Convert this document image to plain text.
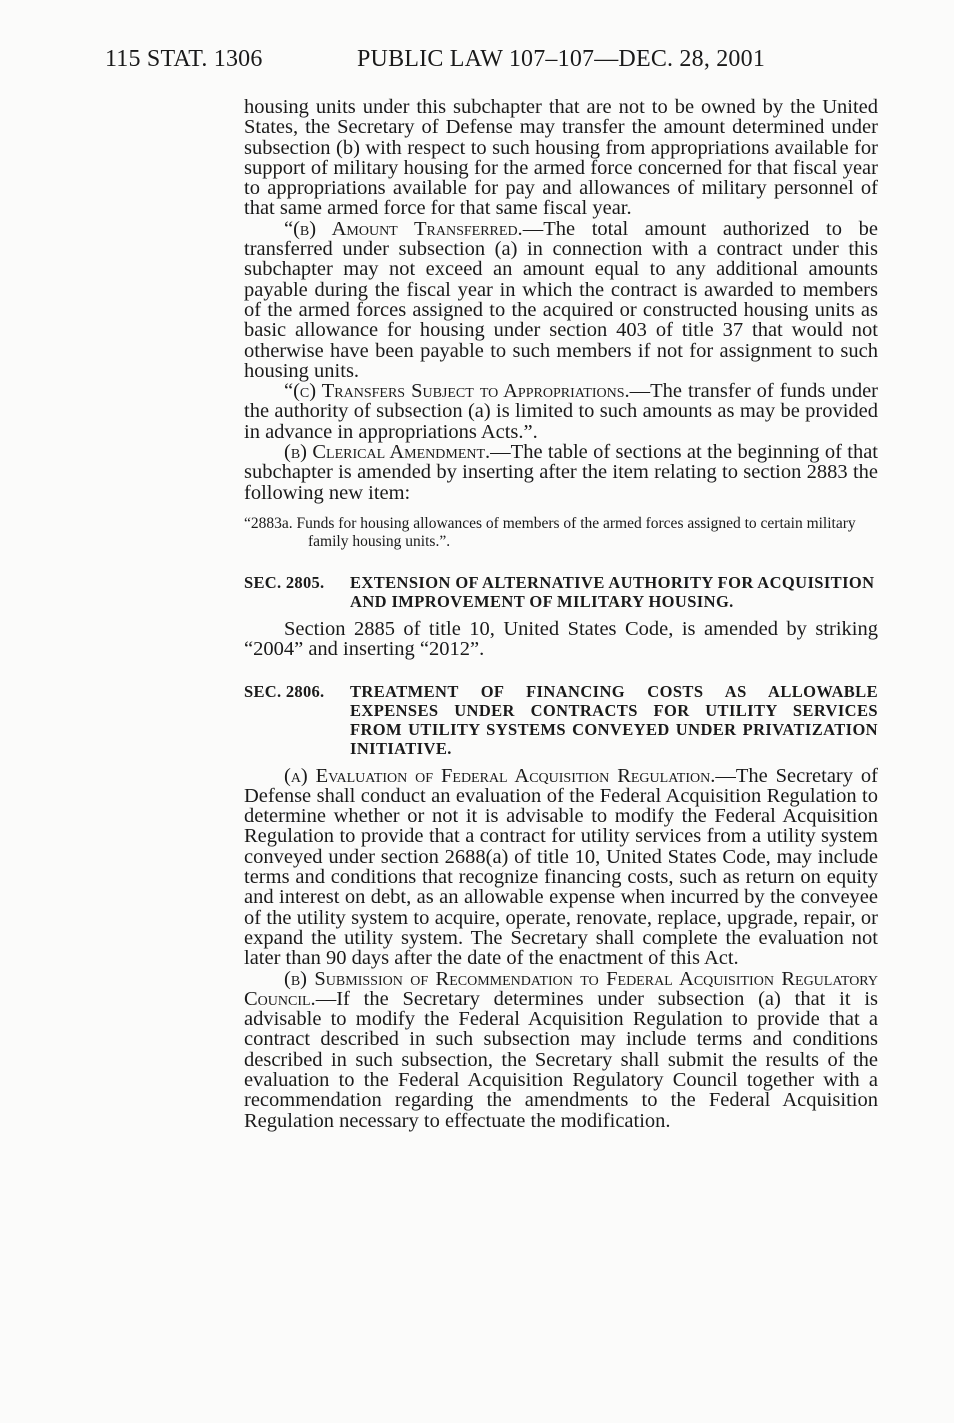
115 STAT. 1306	PUBLIC LAW 107–107—DEC. 28, 2001

housing units under this subchapter that are not to be owned by the United States, the Secretary of Defense may transfer the amount determined under subsection (b) with respect to such housing from appropriations available for support of military housing for the armed force concerned for that fiscal year to appropriations available for pay and allowances of military personnel of that same armed force for that same fiscal year.

“(b) Amount Transferred.—The total amount authorized to be transferred under subsection (a) in connection with a contract under this subchapter may not exceed an amount equal to any additional amounts payable during the fiscal year in which the contract is awarded to members of the armed forces assigned to the acquired or constructed housing units as basic allowance for housing under section 403 of title 37 that would not otherwise have been payable to such members if not for assignment to such housing units.

“(c) Transfers Subject to Appropriations.—The transfer of funds under the authority of subsection (a) is limited to such amounts as may be provided in advance in appropriations Acts.”.

(b) Clerical Amendment.—The table of sections at the beginning of that subchapter is amended by inserting after the item relating to section 2883 the following new item:

“2883a. Funds for housing allowances of members of the armed forces assigned to certain military family housing units.”.

SEC. 2805. EXTENSION OF ALTERNATIVE AUTHORITY FOR ACQUISITION AND IMPROVEMENT OF MILITARY HOUSING.

Section 2885 of title 10, United States Code, is amended by striking “2004” and inserting “2012”.

SEC. 2806.	TREATMENT OF FINANCING COSTS AS ALLOWABLE EXPENSES UNDER CONTRACTS FOR UTILITY SERVICES FROM UTILITY SYSTEMS CONVEYED UNDER PRIVATIZATION INITIATIVE.

(a) Evaluation of Federal Acquisition Regulation.—The Secretary of Defense shall conduct an evaluation of the Federal Acquisition Regulation to determine whether or not it is advisable to modify the Federal Acquisition Regulation to provide that a contract for utility services from a utility system conveyed under section 2688(a) of title 10, United States Code, may include terms and conditions that recognize financing costs, such as return on equity and interest on debt, as an allowable expense when incurred by the conveyee of the utility system to acquire, operate, renovate, replace, upgrade, repair, or expand the utility system. The Secretary shall complete the evaluation not later than 90 days after the date of the enactment of this Act.

(b) Submission of Recommendation to Federal Acquisition Regulatory Council.—If the Secretary determines under subsection (a) that it is advisable to modify the Federal Acquisition Regulation to provide that a contract described in such subsection may include terms and conditions described in such subsection, the Secretary shall submit the results of the evaluation to the Federal Acquisition Regulatory Council together with a recommendation regarding the amendments to the Federal Acquisition Regulation necessary to effectuate the modification.
